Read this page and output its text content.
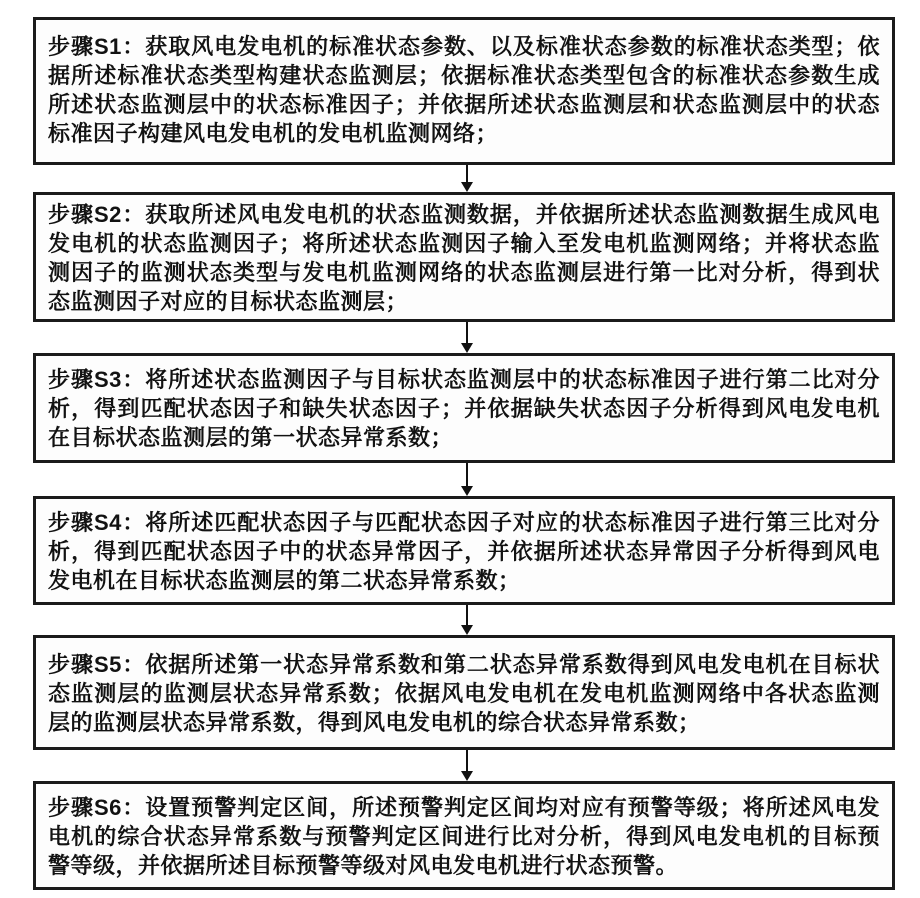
步骤S1：获取风电发电机的标准状态参数、以及标准状态参数的标准状态类型；依据所述标准状态类型构建状态监测层；依据标准状态类型包含的标准状态参数生成所述状态监测层中的状态标准因子；并依据所述状态监测层和状态监测层中的状态标准因子构建风电发电机的发电机监测网络；
步骤S2：获取所述风电发电机的状态监测数据，并依据所述状态监测数据生成风电发电机的状态监测因子；将所述状态监测因子输入至发电机监测网络；并将状态监测因子的监测状态类型与发电机监测网络的状态监测层进行第一比对分析，得到状态监测因子对应的目标状态监测层；
步骤S3：将所述状态监测因子与目标状态监测层中的状态标准因子进行第二比对分析，得到匹配状态因子和缺失状态因子；并依据缺失状态因子分析得到风电发电机在目标状态监测层的第一状态异常系数；
步骤S4：将所述匹配状态因子与匹配状态因子对应的状态标准因子进行第三比对分析，得到匹配状态因子中的状态异常因子，并依据所述状态异常因子分析得到风电发电机在目标状态监测层的第二状态异常系数；
步骤S5：依据所述第一状态异常系数和第二状态异常系数得到风电发电机在目标状态监测层的监测层状态异常系数；依据风电发电机在发电机监测网络中各状态监测层的监测层状态异常系数，得到风电发电机的综合状态异常系数；
步骤S6：设置预警判定区间，所述预警判定区间均对应有预警等级；将所述风电发电机的综合状态异常系数与预警判定区间进行比对分析，得到风电发电机的目标预警等级，并依据所述目标预警等级对风电发电机进行状态预警。
